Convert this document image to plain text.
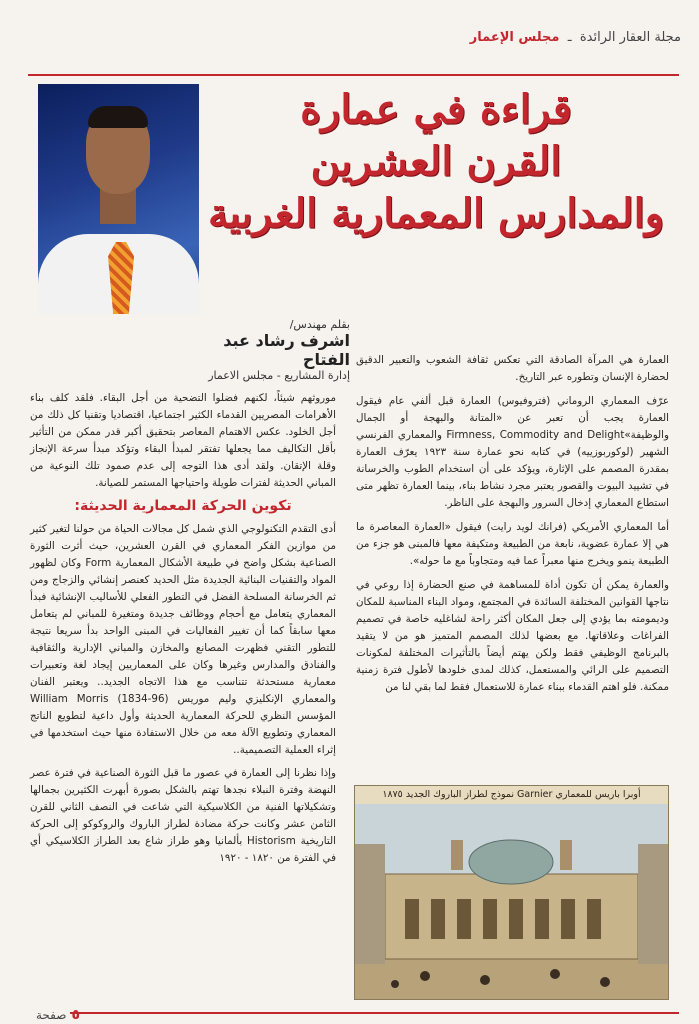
مجلة العقار الرائدة  ـ  مجلس الإعمار
قراءة في عمارة
القرن العشرين
والمدارس المعمارية الغربية
بقلم مهندس/
اشرف رشاد عبد الفتاح
إدارة المشاريع - مجلس الاعمار

العمارة هي المرآة الصادقة التي تعكس ثقافة الشعوب والتعبير الدقيق لحضارة الإنسان وتطوره عبر التاريخ.

عرّف المعماري الروماني (فتروفيوس) العمارة قبل ألفي عام فيقول العمارة يجب أن تعبر عن «المتانة والبهجة أو الجمال والوظيفة»Firmness, Commodity and Delight والمعماري الفرنسي الشهير (لوكوربوزييه) في كتابه نحو عمارة سنة ١٩٢٣ يعرّف العمارة بمقدرة المصمم على الإثارة، ويؤكد على أن استخدام الطوب والخرسانة في تشييد البيوت والقصور يعتبر مجرد نشاط بناء، بينما العمارة تظهر متى استطاع المعماري إدخال السرور والبهجة على الناظر.

أما المعماري الأمريكي (فرانك لويد رايت) فيقول «العمارة المعاصرة ما هي إلا عمارة عضوية، نابعة من الطبيعة ومتكيفة معها فالمبنى هو جزء من الطبيعة ينمو ويخرج منها معبراً عما فيه ومتجاوباً مع ما حوله».

والعمارة يمكن أن تكون أداة للمساهمة في صنع الحضارة إذا روعي في نتاجها القوانين المختلفة السائدة في المجتمع، ومواد البناء المناسبة للمكان وديمومته بما يؤدي إلى جعل المكان أكثر راحة لشاغليه خاصة في تصميم الفراغات وعلاقاتها. مع بعضها لذلك المصمم المتميز هو من لا يتقيد بالبرنامج الوظيفي فقط ولكن يهتم أيضاً بالتأثيرات المختلفة لمكونات التصميم على الرائي والمستعمل، كذلك لمدى خلودها لأطول فترة زمنية ممكنة. فلو اهتم القدماء ببناء عمارة للاستعمال فقط لما بقي لنا من

موروثهم شيئاً، لكنهم فضلوا التضحية من أجل البقاء. فلقد كلف بناء الأهرامات المصريين القدماء الكثير اجتماعيا، اقتصاديا وتقنيا كل ذلك من أجل الخلود. عكس الاهتمام المعاصر بتحقيق أكبر قدر ممكن من التأثير بأقل التكاليف مما يجعلها تفتقر لمبدأ البقاء وتؤكد مبدأ سرعة الإنجاز وقلة الإتقان. ولقد أدى هذا التوجه إلى عدم صمود تلك النوعية من المباني الحديثة لفترات طويلة واحتياجها المستمر للصيانة.

تكوين الحركة المعمارية الحديثة:

أدى التقدم التكنولوجي الذي شمل كل مجالات الحياة من حولنا لتغير كثير من موازين الفكر المعماري في القرن العشرين، حيث أثرت الثورة الصناعية بشكل واضح في طبيعة الأشكال المعمارية Form وكان لظهور المواد والتقنيات البنائية الجديدة مثل الحديد كعنصر إنشائي والزجاج ومن ثم الخرسانة المسلحة الفضل في التطور الفعلي للأساليب الإنشائية فبدأ المعماري يتعامل مع أحجام ووظائف جديدة ومتغيرة للمباني لم يتعامل معها سابقاً كما أن تغيير الفعاليات في المبنى الواحد بدأ سريعا نتيجة للتطور التقني فظهرت المصانع والمخازن والمباني الإدارية والثقافية والفنادق والمدارس وغيرها وكان على المعماريين إيجاد لغة وتعبيرات معمارية مستحدثة تتناسب مع هذا الاتجاه الجديد.. ويعتبر الفنان والمعماري الإنكليزي وليم موريس William Morris (1834-96) المؤسس النظري للحركة المعمارية الحديثة وأول داعية لتطويع الناتج المعماري وتطويع الآلة معه من خلال الاستفادة منها حيث استخدمها في إثراء العملية التصميمية..

وإذا نظرنا إلى العمارة في عصور ما قبل الثورة الصناعية في فترة عصر النهضة وفترة النبلاء نجدها تهتم بالشكل بصورة أبهرت الكثيرين بجمالها وتشكيلاتها الفنية من الكلاسيكية التي شاعت في النصف الثاني للقرن الثامن عشر وكانت حركة مضادة لطراز الباروك والروكوكو إلى الحركة التاريخية Historism بألمانيا وهو طراز شاع بعد الطراز الكلاسيكي أي في الفترة من ١٨٢٠ - ١٩٢٠

أوبرا باريس للمعماري Garnier نموذج لطراز الباروك الجديد ١٨٧٥
٥ صفحة
